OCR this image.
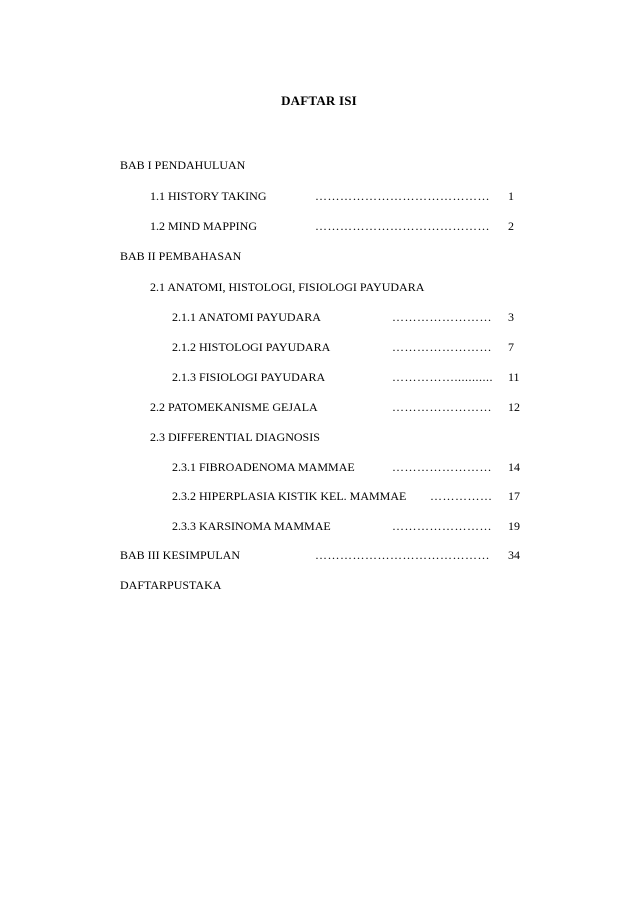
DAFTAR ISI
BAB I PENDAHULUAN
1.1 HISTORY TAKING	…………………………………… 1
1.2 MIND MAPPING	…………………………………… 2
BAB II PEMBAHASAN
2.1 ANATOMI, HISTOLOGI, FISIOLOGI PAYUDARA
2.1.1 ANATOMI PAYUDARA	…………………… 3
2.1.2 HISTOLOGI PAYUDARA	…………………… 7
2.1.3 FISIOLOGI PAYUDARA	……………........... 11
2.2 PATOMEKANISME GEJALA	…………………… 12
2.3 DIFFERENTIAL DIAGNOSIS
2.3.1 FIBROADENOMA MAMMAE	…………………… 14
2.3.2 HIPERPLASIA KISTIK KEL. MAMMAE …………… 17
2.3.3 KARSINOMA MAMMAE	…………………… 19
BAB III KESIMPULAN	…………………………………… 34
DAFTARPUSTAKA
